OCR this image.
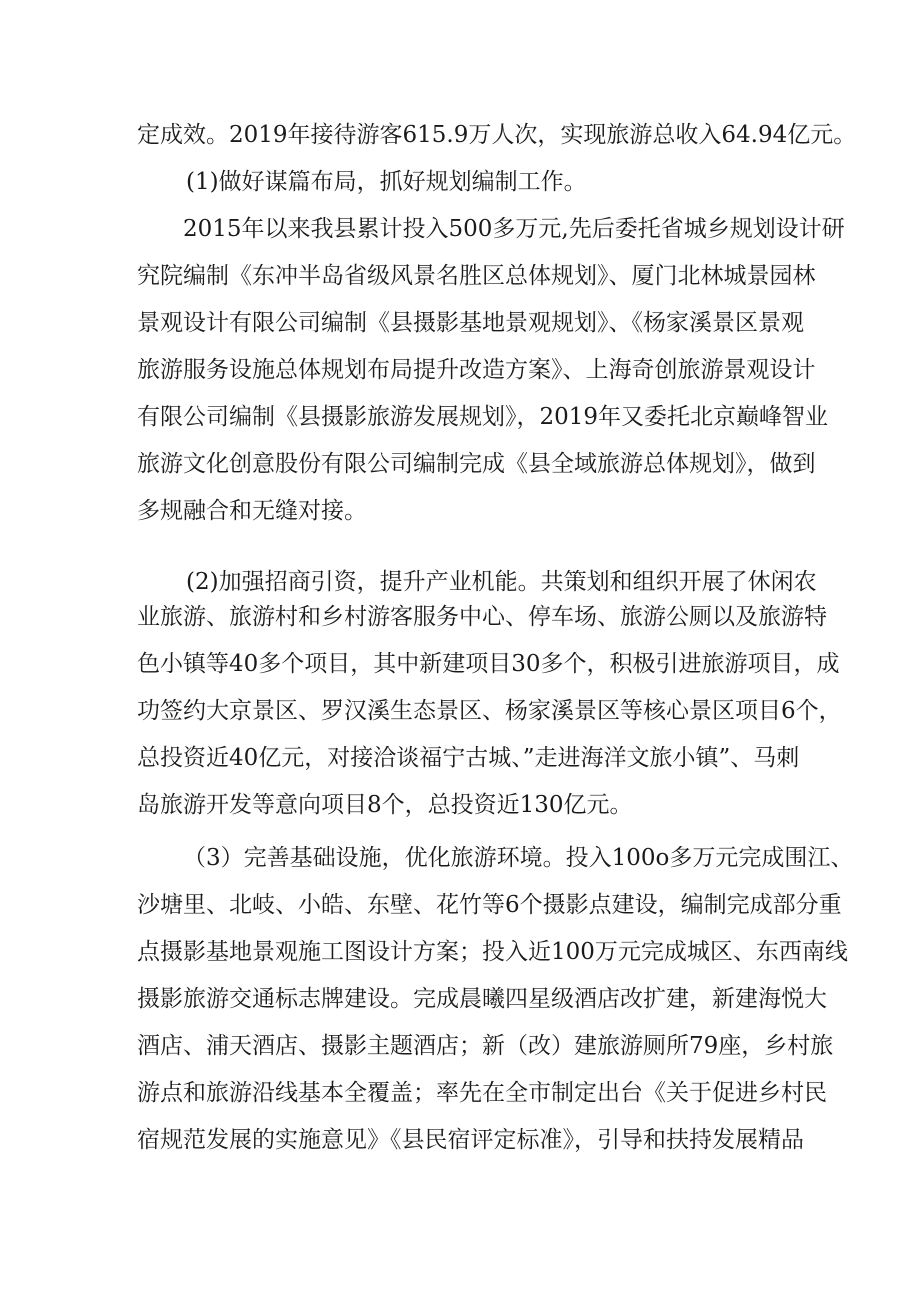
定成效。2019年接待游客615.9万人次，实现旅游总收入64.94亿元。
(1)做好谋篇布局，抓好规划编制工作。
2015年以来我县累计投入500多万元,先后委托省城乡规划设计研
究院编制《东冲半岛省级风景名胜区总体规划》、厦门北林城景园林
景观设计有限公司编制《县摄影基地景观规划》、《杨家溪景区景观
旅游服务设施总体规划布局提升改造方案》、上海奇创旅游景观设计
有限公司编制《县摄影旅游发展规划》，2019年又委托北京巅峰智业
旅游文化创意股份有限公司编制完成《县全域旅游总体规划》，做到
多规融合和无缝对接。
(2)加强招商引资，提升产业机能。共策划和组织开展了休闲农
业旅游、旅游村和乡村游客服务中心、停车场、旅游公厕以及旅游特
色小镇等40多个项目，其中新建项目30多个，积极引进旅游项目，成
功签约大京景区、罗汉溪生态景区、杨家溪景区等核心景区项目6个，
总投资近40亿元，对接洽谈福宁古城、”走进海洋文旅小镇”、马刺
岛旅游开发等意向项目8个，总投资近130亿元。
（3）完善基础设施，优化旅游环境。投入100o多万元完成围江、
沙塘里、北岐、小皓、东壁、花竹等6个摄影点建设，编制完成部分重
点摄影基地景观施工图设计方案；投入近100万元完成城区、东西南线
摄影旅游交通标志牌建设。完成晨曦四星级酒店改扩建，新建海悦大
酒店、浦天酒店、摄影主题酒店；新（改）建旅游厕所79座，乡村旅
游点和旅游沿线基本全覆盖；率先在全市制定出台《关于促进乡村民
宿规范发展的实施意见》《县民宿评定标准》，引导和扶持发展精品
